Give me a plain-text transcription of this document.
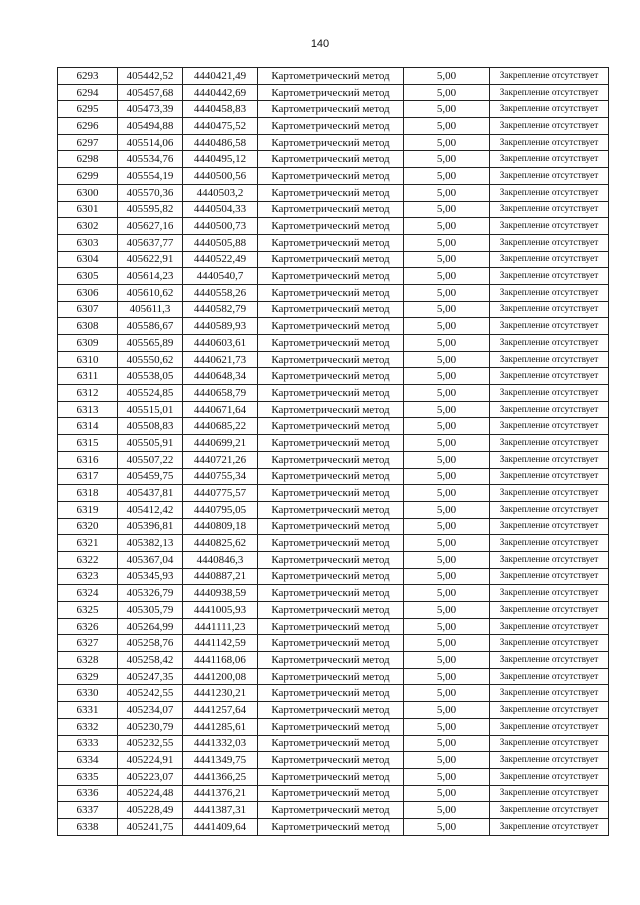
140
6293	405442,52	4440421,49	Картометрический метод	5,00	Закрепление отсутствует
6294	405457,68	4440442,69	Картометрический метод	5,00	Закрепление отсутствует
6295	405473,39	4440458,83	Картометрический метод	5,00	Закрепление отсутствует
6296	405494,88	4440475,52	Картометрический метод	5,00	Закрепление отсутствует
6297	405514,06	4440486,58	Картометрический метод	5,00	Закрепление отсутствует
6298	405534,76	4440495,12	Картометрический метод	5,00	Закрепление отсутствует
6299	405554,19	4440500,56	Картометрический метод	5,00	Закрепление отсутствует
6300	405570,36	4440503,2	Картометрический метод	5,00	Закрепление отсутствует
6301	405595,82	4440504,33	Картометрический метод	5,00	Закрепление отсутствует
6302	405627,16	4440500,73	Картометрический метод	5,00	Закрепление отсутствует
6303	405637,77	4440505,88	Картометрический метод	5,00	Закрепление отсутствует
6304	405622,91	4440522,49	Картометрический метод	5,00	Закрепление отсутствует
6305	405614,23	4440540,7	Картометрический метод	5,00	Закрепление отсутствует
6306	405610,62	4440558,26	Картометрический метод	5,00	Закрепление отсутствует
6307	405611,3	4440582,79	Картометрический метод	5,00	Закрепление отсутствует
6308	405586,67	4440589,93	Картометрический метод	5,00	Закрепление отсутствует
6309	405565,89	4440603,61	Картометрический метод	5,00	Закрепление отсутствует
6310	405550,62	4440621,73	Картометрический метод	5,00	Закрепление отсутствует
6311	405538,05	4440648,34	Картометрический метод	5,00	Закрепление отсутствует
6312	405524,85	4440658,79	Картометрический метод	5,00	Закрепление отсутствует
6313	405515,01	4440671,64	Картометрический метод	5,00	Закрепление отсутствует
6314	405508,83	4440685,22	Картометрический метод	5,00	Закрепление отсутствует
6315	405505,91	4440699,21	Картометрический метод	5,00	Закрепление отсутствует
6316	405507,22	4440721,26	Картометрический метод	5,00	Закрепление отсутствует
6317	405459,75	4440755,34	Картометрический метод	5,00	Закрепление отсутствует
6318	405437,81	4440775,57	Картометрический метод	5,00	Закрепление отсутствует
6319	405412,42	4440795,05	Картометрический метод	5,00	Закрепление отсутствует
6320	405396,81	4440809,18	Картометрический метод	5,00	Закрепление отсутствует
6321	405382,13	4440825,62	Картометрический метод	5,00	Закрепление отсутствует
6322	405367,04	4440846,3	Картометрический метод	5,00	Закрепление отсутствует
6323	405345,93	4440887,21	Картометрический метод	5,00	Закрепление отсутствует
6324	405326,79	4440938,59	Картометрический метод	5,00	Закрепление отсутствует
6325	405305,79	4441005,93	Картометрический метод	5,00	Закрепление отсутствует
6326	405264,99	4441111,23	Картометрический метод	5,00	Закрепление отсутствует
6327	405258,76	4441142,59	Картометрический метод	5,00	Закрепление отсутствует
6328	405258,42	4441168,06	Картометрический метод	5,00	Закрепление отсутствует
6329	405247,35	4441200,08	Картометрический метод	5,00	Закрепление отсутствует
6330	405242,55	4441230,21	Картометрический метод	5,00	Закрепление отсутствует
6331	405234,07	4441257,64	Картометрический метод	5,00	Закрепление отсутствует
6332	405230,79	4441285,61	Картометрический метод	5,00	Закрепление отсутствует
6333	405232,55	4441332,03	Картометрический метод	5,00	Закрепление отсутствует
6334	405224,91	4441349,75	Картометрический метод	5,00	Закрепление отсутствует
6335	405223,07	4441366,25	Картометрический метод	5,00	Закрепление отсутствует
6336	405224,48	4441376,21	Картометрический метод	5,00	Закрепление отсутствует
6337	405228,49	4441387,31	Картометрический метод	5,00	Закрепление отсутствует
6338	405241,75	4441409,64	Картометрический метод	5,00	Закрепление отсутствует
